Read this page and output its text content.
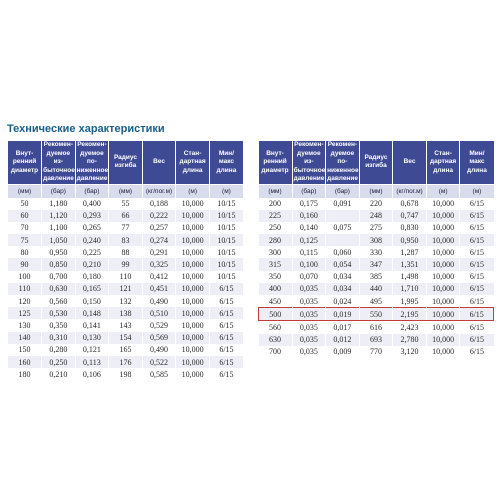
Технические характеристики
Внут-ренний диаметр	Рекомен-дуемое из-быточное давление	Рекомен-дуемое по-ниженное давление	Радиус изгиба	Вес	Стан-дартная длина	Мин/ макс длина
(мм)	(бар)	(бар)	(мм)	(кг/пог.м)	(м)	(м)
50	1,180	0,400	55	0,188	10,000	10/15
60	1,120	0,293	66	0,222	10,000	10/15
70	1,100	0,265	77	0,257	10,000	10/15
75	1,050	0,240	83	0,274	10,000	10/15
80	0,950	0,225	88	0,291	10,000	10/15
90	0,850	0,210	99	0,325	10,000	10/15
100	0,700	0,180	110	0,412	10,000	10/15
110	0,630	0,165	121	0,451	10,000	6/15
120	0,560	0,150	132	0,490	10,000	6/15
125	0,530	0,148	138	0,510	10,000	6/15
130	0,350	0,141	143	0,529	10,000	6/15
140	0,310	0,130	154	0,569	10,000	6/15
150	0,280	0,121	165	0,490	10,000	6/15
160	0,250	0,113	176	0,522	10,000	6/15
180	0,210	0,106	198	0,585	10,000	6/15
Внут-ренний диаметр	Рекомен-дуемое из-быточное давление	Рекомен-дуемое по-ниженное давление	Радиус изгиба	Вес	Стан-дартная длина	Мин/ макс длина
(мм)	(бар)	(бар)	(мм)	(кг/пог.м)	(м)	(м)
200	0,175	0,091	220	0,678	10,000	6/15
225	0,160		248	0,747	10,000	6/15
250	0,140	0,075	275	0,830	10,000	6/15
280	0,125		308	0,950	10,000	6/15
300	0,115	0,060	330	1,287	10,000	6/15
315	0,100	0,054	347	1,351	10,000	6/15
350	0,070	0,034	385	1,498	10,000	6/15
400	0,035	0,034	440	1,710	10,000	6/15
450	0,035	0,024	495	1,995	10,000	6/15
500	0,035	0,019	550	2,195	10,000	6/15
560	0,035	0,017	616	2,423	10,000	6/15
630	0,035	0,012	693	2,780	10,000	6/15
700	0,035	0,009	770	3,120	10,000	6/15
